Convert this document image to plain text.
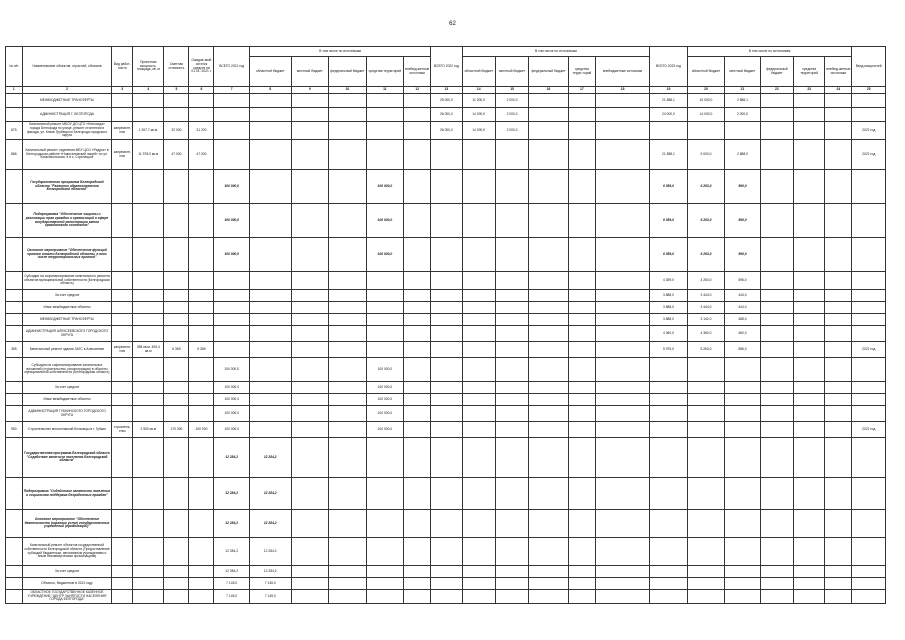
62
№ п/п	Наименование объектов, отраслей, объемов	Вид работ-ности	Проектная мощность, площадь, кв. м	Сметная стоимость	Ожидае-мый остаток средств на 01.01. 2021 г.	ВСЕГО 2021 год	В том числе по источникам					ВСЕГО 2022 год	В том числе по источникам					ВСЕГО 2023 год	В том числе по источникам					Ввод мощностей
							областной бюджет	местный бюджет	федеральный бюджет	средства территорий	внебюд-жетные источники		областной бюджет	местный бюджет	федеральный бюджет	средства терри-торий	внебюджетные источники		областной бюджет	местный бюджет	федеральный бюджет	средства территорий	внебюд-жетные источники	
1	2	3	4	5	6	7	8	9	10	11	12	13	14	15	16	17	18	19	20	21	22	23	24	25
	МЕЖБЮДЖЕТНЫЕ ТРАНСФЕРТЫ											25 000,0	11 000,0	2 000,0				21 888,1	10 000,0	2 888,1				
	АДМИНИСТРАЦИЯ Г. БЕЛГОРОДА											26 000,0	14 000,0	2 000,0				24 000,0	14 000,0	2 000,0				
875	Капитальный ремонт МБОУ ДО ЦТО «Непоседа» города Белгорода по улице, ремонт отопления и фасада, ул. Князя Трубецкого Белгорода городского округа	капремонт, нов	1 267,7 кв.м.	32 000	31 200							26 000,0	14 000,0	2 000,0										2021 год
868	Капитальный ремонт отделения МБУ ЦСО «Радуга» в Белгородском районе «Новоселовский лицей» по ул. Комсомольская, 5 в с. Стрелецкое	капремонт, нов	11 978,0 кв.м	47 000	47 000													21 888,1	9 000,0	2 888,0				2021 год
	Государственная программа Белгородской области "Развитие здравоохранения Белгородской области"					100 000,0				100 000,0								6 359,0	6 263,0	596,0				
	Подпрограмма "Обеспечение защиты и реализации прав граждан и организаций в сфере государственной регистрации актов гражданского состояния"					100 000,0				100 000,0								6 359,0	6 263,0	596,0				
	Основное мероприятие "Обеспечение функций органов власти Белгородской области, в том числе территориальных органов"					100 000,0				100 000,0								6 359,0	6 263,0	596,0				
	Субсидии на софинансирование капитального ремонта объектов муниципальной собственности (Белгородская область)																	4 359,0	4 263,0	596,0				
	За счет средств																	3 888,0	3 444,0	444,0				
	Иные межбюджетные объекты																	3 888,0	3 444,0	444,0				
	МЕЖБЮДЖЕТНЫЕ ТРАНСФЕРТЫ																	3 888,0	3 142,0	488,0				
	АДМИНИСТРАЦИЯ АЛЕКСЕЕВСКОГО ГОРОДСКОГО ОКРУГА																	4 360,0	4 360,0	460,0				
355	Капитальный ремонт здания ЗАГС в Алексеевке	капремонт, нов	358 кв.м. 405,4 кв.м	6 369	6 369													5 975,0	5 263,0	586,0				2021 год
	Субсидии на софинансирование капитальных вложений (строительство, реконструкция) в объекты муниципальной собственности (Белгородская область)					100 000,0				100 000,0														
	За счет средств					100 000,0				100 000,0														
	Иные межбюджетные объекты					100 000,0				100 000,0														
	АДМИНИСТРАЦИЯ ГУБКИНСКОГО ГОРОДСКОГО ОКРУГА					100 000,0				100 000,0														
950	Строительство многоэтажной больницы в г. Губкин	строитель-ство	2 500 кв.м	170 000	100 000	100 000,0				100 000,0														2021 год
	Государственная программа Белгородской области "Содействие занятости населения Белгородской области"					12 284,2	12 284,2																	
	Подпрограмма "Содействие занятости населения и социальная поддержка безработных граждан"					12 284,2	12 284,2																	
	Основное мероприятие "Обеспечение деятельности (оказание услуг) государственных учреждений (организаций)"					12 284,2	12 284,2																	
	Капитальный ремонт объектов государственной собственности Белгородской области (Предоставление субсидий бюджетным, автономным учреждениям и иным некоммерческим организациям)					12 284,2	12 284,2																	
	За счет средств					12 284,2	12 284,2																	
	Объекты, бюджетные в 2021 году					7 145,0	7 145,0																	
	ОБЛАСТНОЕ ГОСУДАРСТВЕННОЕ КАЗЕННОЕ УЧРЕЖДЕНИЕ "ЦЕНТР ЗАНЯТОСТИ НАСЕЛЕНИЯ ГОРОДА БЕЛГОРОДА"					7 145,0	7 145,0																	
